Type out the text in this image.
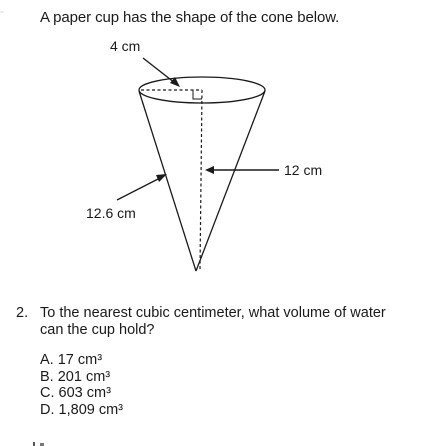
⁼ A paper cup has the shape of the cone below.
4 cm
12 cm
12.6 cm
2. To the nearest cubic centimeter, what volume of water can the cup hold?
A. 17 cm³
B. 201 cm³
C. 603 cm³
D. 1,809 cm³
